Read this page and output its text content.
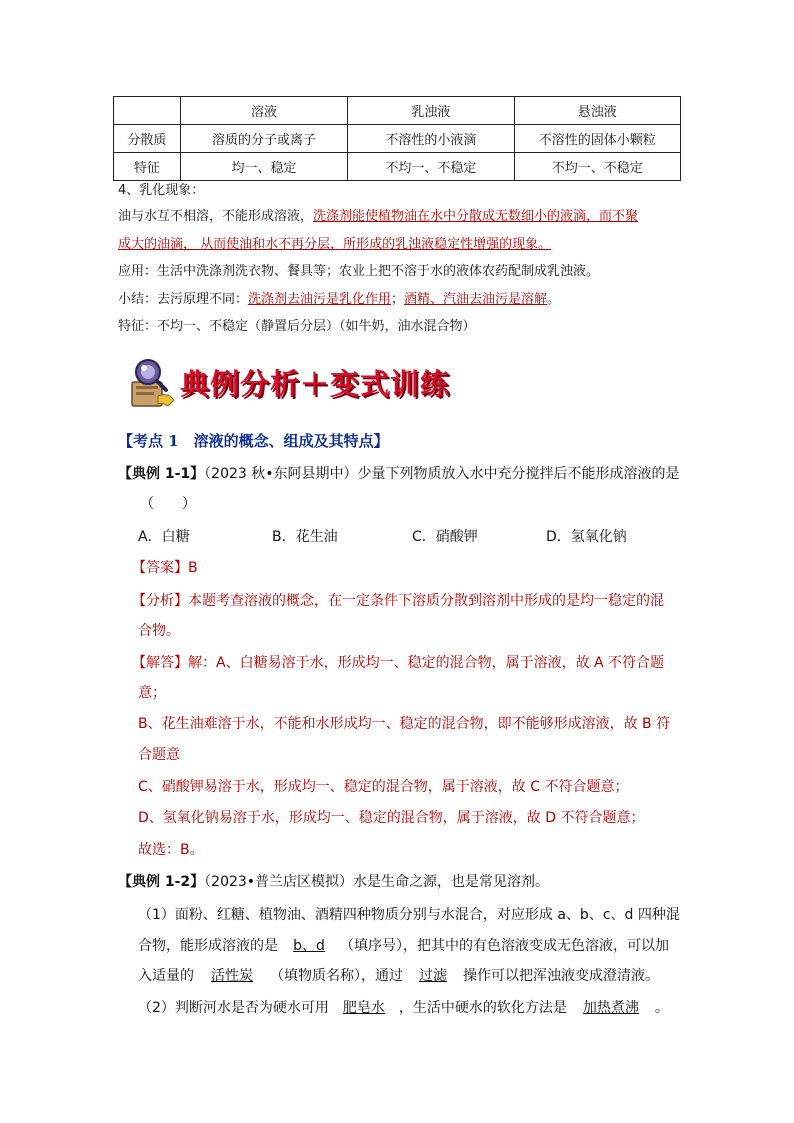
	溶液	乳浊液	悬浊液
分散质	溶质的分子或离子	不溶性的小液滴	不溶性的固体小颗粒
特征	均一、稳定	不均一、不稳定	不均一、不稳定
4、乳化现象：
油与水互不相溶，不能形成溶液，洗涤剂能使植物油在水中分散成无数细小的液滴，而不聚
成大的油滴， 从而使油和水不再分层，所形成的乳浊液稳定性增强的现象。
应用：生活中洗涤剂洗衣物、餐具等；农业上把不溶于水的液体农药配制成乳浊液。
小结：去污原理不同：洗涤剂去油污是乳化作用；酒精、汽油去油污是溶解。
特征：不均一、不稳定（静置后分层）（如牛奶，油水混合物）
典例分析＋变式训练
【考点 1　溶液的概念、组成及其特点】
【典例 1-1】（2023 秋•东阿县期中）少量下列物质放入水中充分搅拌后不能形成溶液的是
（　　）
A．白糖	B．花生油	C．硝酸钾	D．氢氧化钠
【答案】B
【分析】本题考查溶液的概念，在一定条件下溶质分散到溶剂中形成的是均一稳定的混
合物。
【解答】解：A、白糖易溶于水，形成均一、稳定的混合物，属于溶液，故 A 不符合题
意；
B、花生油难溶于水，不能和水形成均一、稳定的混合物，即不能够形成溶液，故 B 符
合题意
C、硝酸钾易溶于水，形成均一、稳定的混合物，属于溶液，故 C 不符合题意；
D、氢氧化钠易溶于水，形成均一、稳定的混合物，属于溶液，故 D 不符合题意；
故选：B。
【典例 1-2】（2023•普兰店区模拟）水是生命之源，也是常见溶剂。
（1）面粉、红糖、植物油、酒精四种物质分别与水混合，对应形成 a、b、c、d 四种混
合物，能形成溶液的是 b、d （填序号），把其中的有色溶液变成无色溶液，可以加
入适量的 活性炭 （填物质名称），通过 过滤 操作可以把浑浊液变成澄清液。
（2）判断河水是否为硬水可用 肥皂水 ，生活中硬水的软化方法是 加热煮沸 。
